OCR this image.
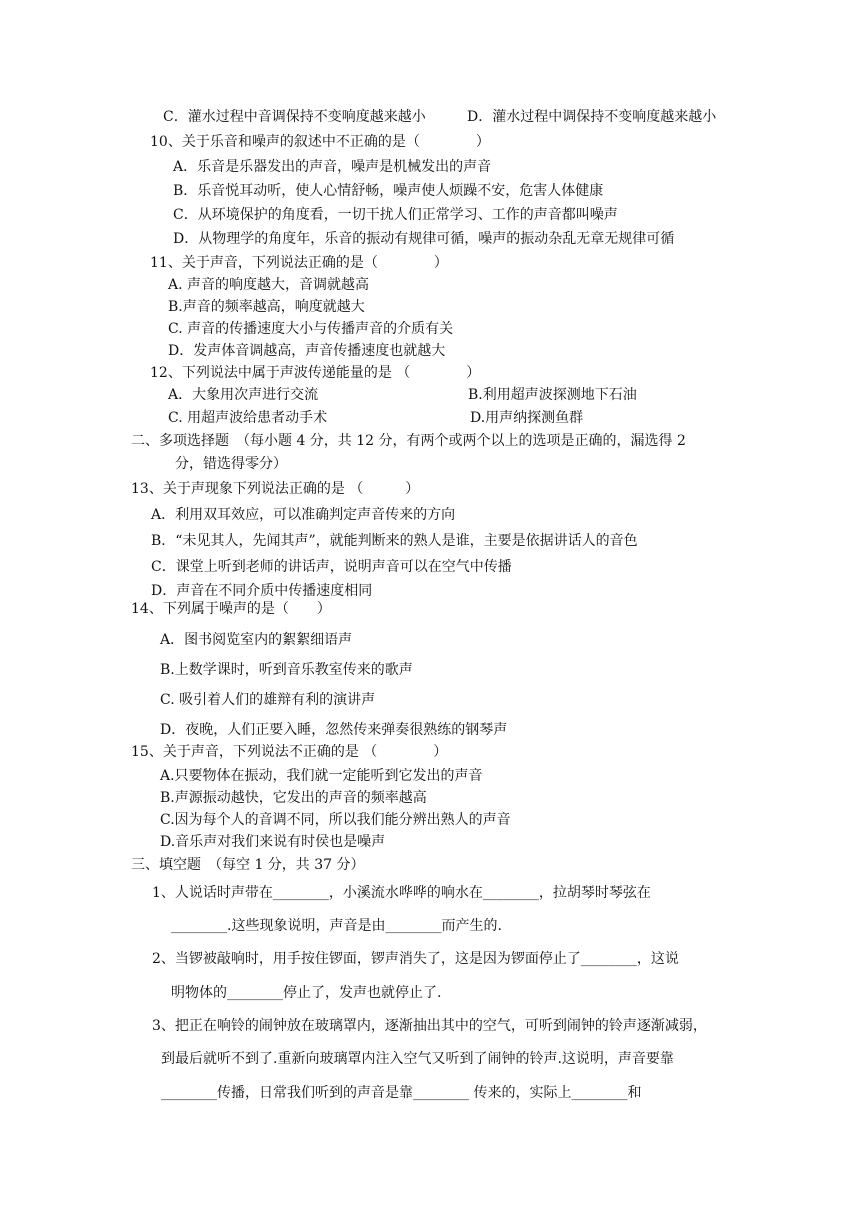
C．灌水过程中音调保持不变响度越来越小	D．灌水过程中调保持不变响度越来越小
10、关于乐音和噪声的叙述中不正确的是（　　　　）
A．乐音是乐器发出的声音，噪声是机械发出的声音
B．乐音悦耳动听，使人心情舒畅，噪声使人烦躁不安，危害人体健康
C．从环境保护的角度看，一切干扰人们正常学习、工作的声音都叫噪声
D．从物理学的角度年，乐音的振动有规律可循，噪声的振动杂乱无章无规律可循
11、关于声音，下列说法正确的是（　　　　）
A. 声音的响度越大，音调就越高
B.声音的频率越高，响度就越大
C. 声音的传播速度大小与传播声音的介质有关
D．发声体音调越高，声音传播速度也就越大
12、下列说法中属于声波传递能量的是 （　　　　）
A．大象用次声进行交流	B.利用超声波探测地下石油
C. 用超声波给患者动手术	D.用声纳探测鱼群
二、多项选择题　（每小题 4 分，共 12 分，有两个或两个以上的选项是正确的，漏选得 2
分，错选得零分）
13、关于声现象下列说法正确的是 （　　　）
A．利用双耳效应，可以准确判定声音传来的方向
B．“未见其人，先闻其声”，就能判断来的熟人是谁，主要是依据讲话人的音色
C．课堂上听到老师的讲话声，说明声音可以在空气中传播
D．声音在不同介质中传播速度相同
14、下列属于噪声的是（　　）
A．图书阅览室内的絮絮细语声
B.上数学课时，听到音乐教室传来的歌声
C. 吸引着人们的雄辩有利的演讲声
D．夜晚，人们正要入睡，忽然传来弹奏很熟练的钢琴声
15、关于声音，下列说法不正确的是 （　　　　）
A.只要物体在振动，我们就一定能听到它发出的声音
B.声源振动越快，它发出的声音的频率越高
C.因为每个人的音调不同，所以我们能分辨出熟人的声音
D.音乐声对我们来说有时侯也是噪声
三、填空题　（每空 1 分，共 37 分）
1、人说话时声带在________，小溪流水哗哗的响水在________，拉胡琴时琴弦在
________.这些现象说明，声音是由________而产生的.
2、当锣被敲响时，用手按住锣面，锣声消失了，这是因为锣面停止了________，这说
明物体的________停止了，发声也就停止了.
3、把正在响铃的闹钟放在玻璃罩内，逐渐抽出其中的空气，可听到闹钟的铃声逐渐减弱，
到最后就听不到了.重新向玻璃罩内注入空气又听到了闹钟的铃声.这说明，声音要靠
________传播，日常我们听到的声音是靠________ 传来的，实际上________和
